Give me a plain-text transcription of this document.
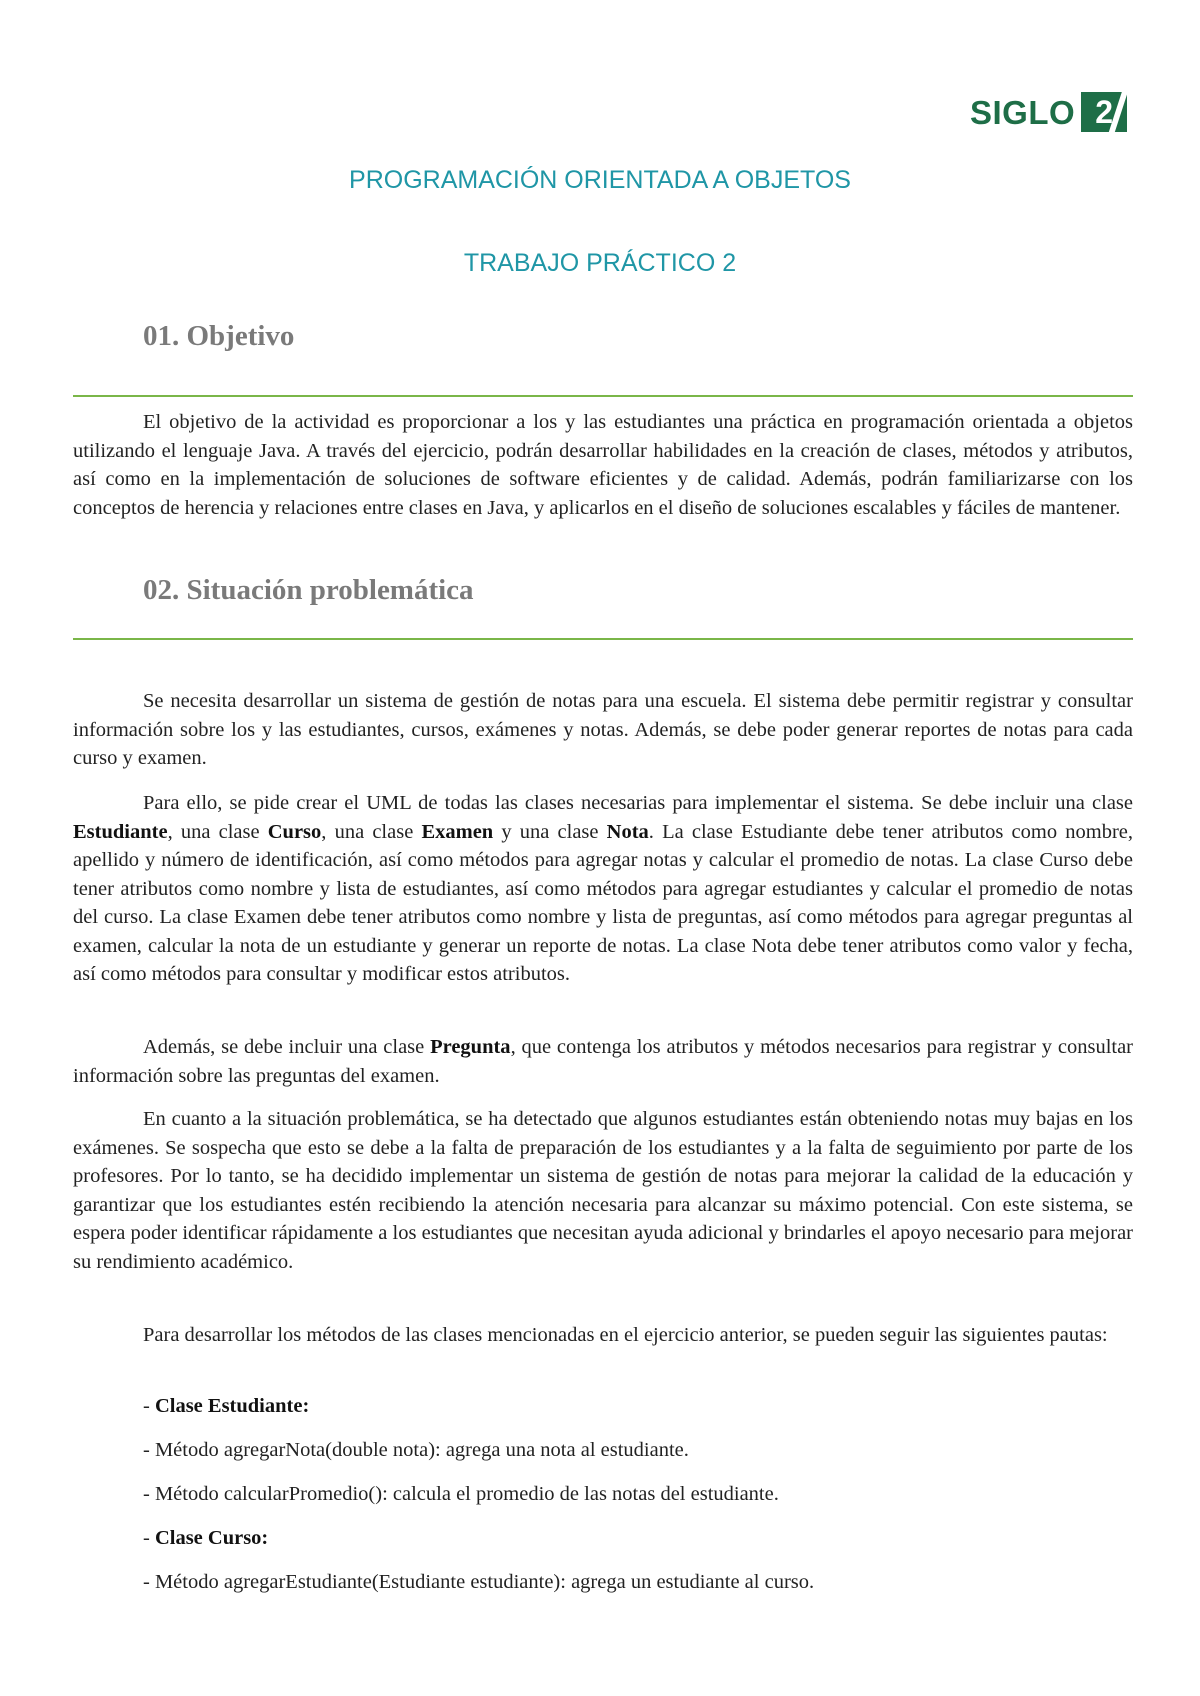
SIGLO 2
PROGRAMACIÓN ORIENTADA A OBJETOS
TRABAJO PRÁCTICO 2
01. Objetivo

El objetivo de la actividad es proporcionar a los y las estudiantes una práctica en programación orientada a objetos utilizando el lenguaje Java. A través del ejercicio, podrán desarrollar habilidades en la creación de clases, métodos y atributos, así como en la implementación de soluciones de software eficientes y de calidad. Además, podrán familiarizarse con los conceptos de herencia y relaciones entre clases en Java, y aplicarlos en el diseño de soluciones escalables y fáciles de mantener.

02. Situación problemática

Se necesita desarrollar un sistema de gestión de notas para una escuela. El sistema debe permitir registrar y consultar información sobre los y las estudiantes, cursos, exámenes y notas. Además, se debe poder generar reportes de notas para cada curso y examen.

Para ello, se pide crear el UML de todas las clases necesarias para implementar el sistema. Se debe incluir una clase Estudiante, una clase Curso, una clase Examen y una clase Nota. La clase Estudiante debe tener atributos como nombre, apellido y número de identificación, así como métodos para agregar notas y calcular el promedio de notas. La clase Curso debe tener atributos como nombre y lista de estudiantes, así como métodos para agregar estudiantes y calcular el promedio de notas del curso. La clase Examen debe tener atributos como nombre y lista de preguntas, así como métodos para agregar preguntas al examen, calcular la nota de un estudiante y generar un reporte de notas. La clase Nota debe tener atributos como valor y fecha, así como métodos para consultar y modificar estos atributos.

Además, se debe incluir una clase Pregunta, que contenga los atributos y métodos necesarios para registrar y consultar información sobre las preguntas del examen.

En cuanto a la situación problemática, se ha detectado que algunos estudiantes están obteniendo notas muy bajas en los exámenes. Se sospecha que esto se debe a la falta de preparación de los estudiantes y a la falta de seguimiento por parte de los profesores. Por lo tanto, se ha decidido implementar un sistema de gestión de notas para mejorar la calidad de la educación y garantizar que los estudiantes estén recibiendo la atención necesaria para alcanzar su máximo potencial. Con este sistema, se espera poder identificar rápidamente a los estudiantes que necesitan ayuda adicional y brindarles el apoyo necesario para mejorar su rendimiento académico.

Para desarrollar los métodos de las clases mencionadas en el ejercicio anterior, se pueden seguir las siguientes pautas:

- Clase Estudiante:

- Método agregarNota(double nota): agrega una nota al estudiante.

- Método calcularPromedio(): calcula el promedio de las notas del estudiante.

- Clase Curso:

- Método agregarEstudiante(Estudiante estudiante): agrega un estudiante al curso.
